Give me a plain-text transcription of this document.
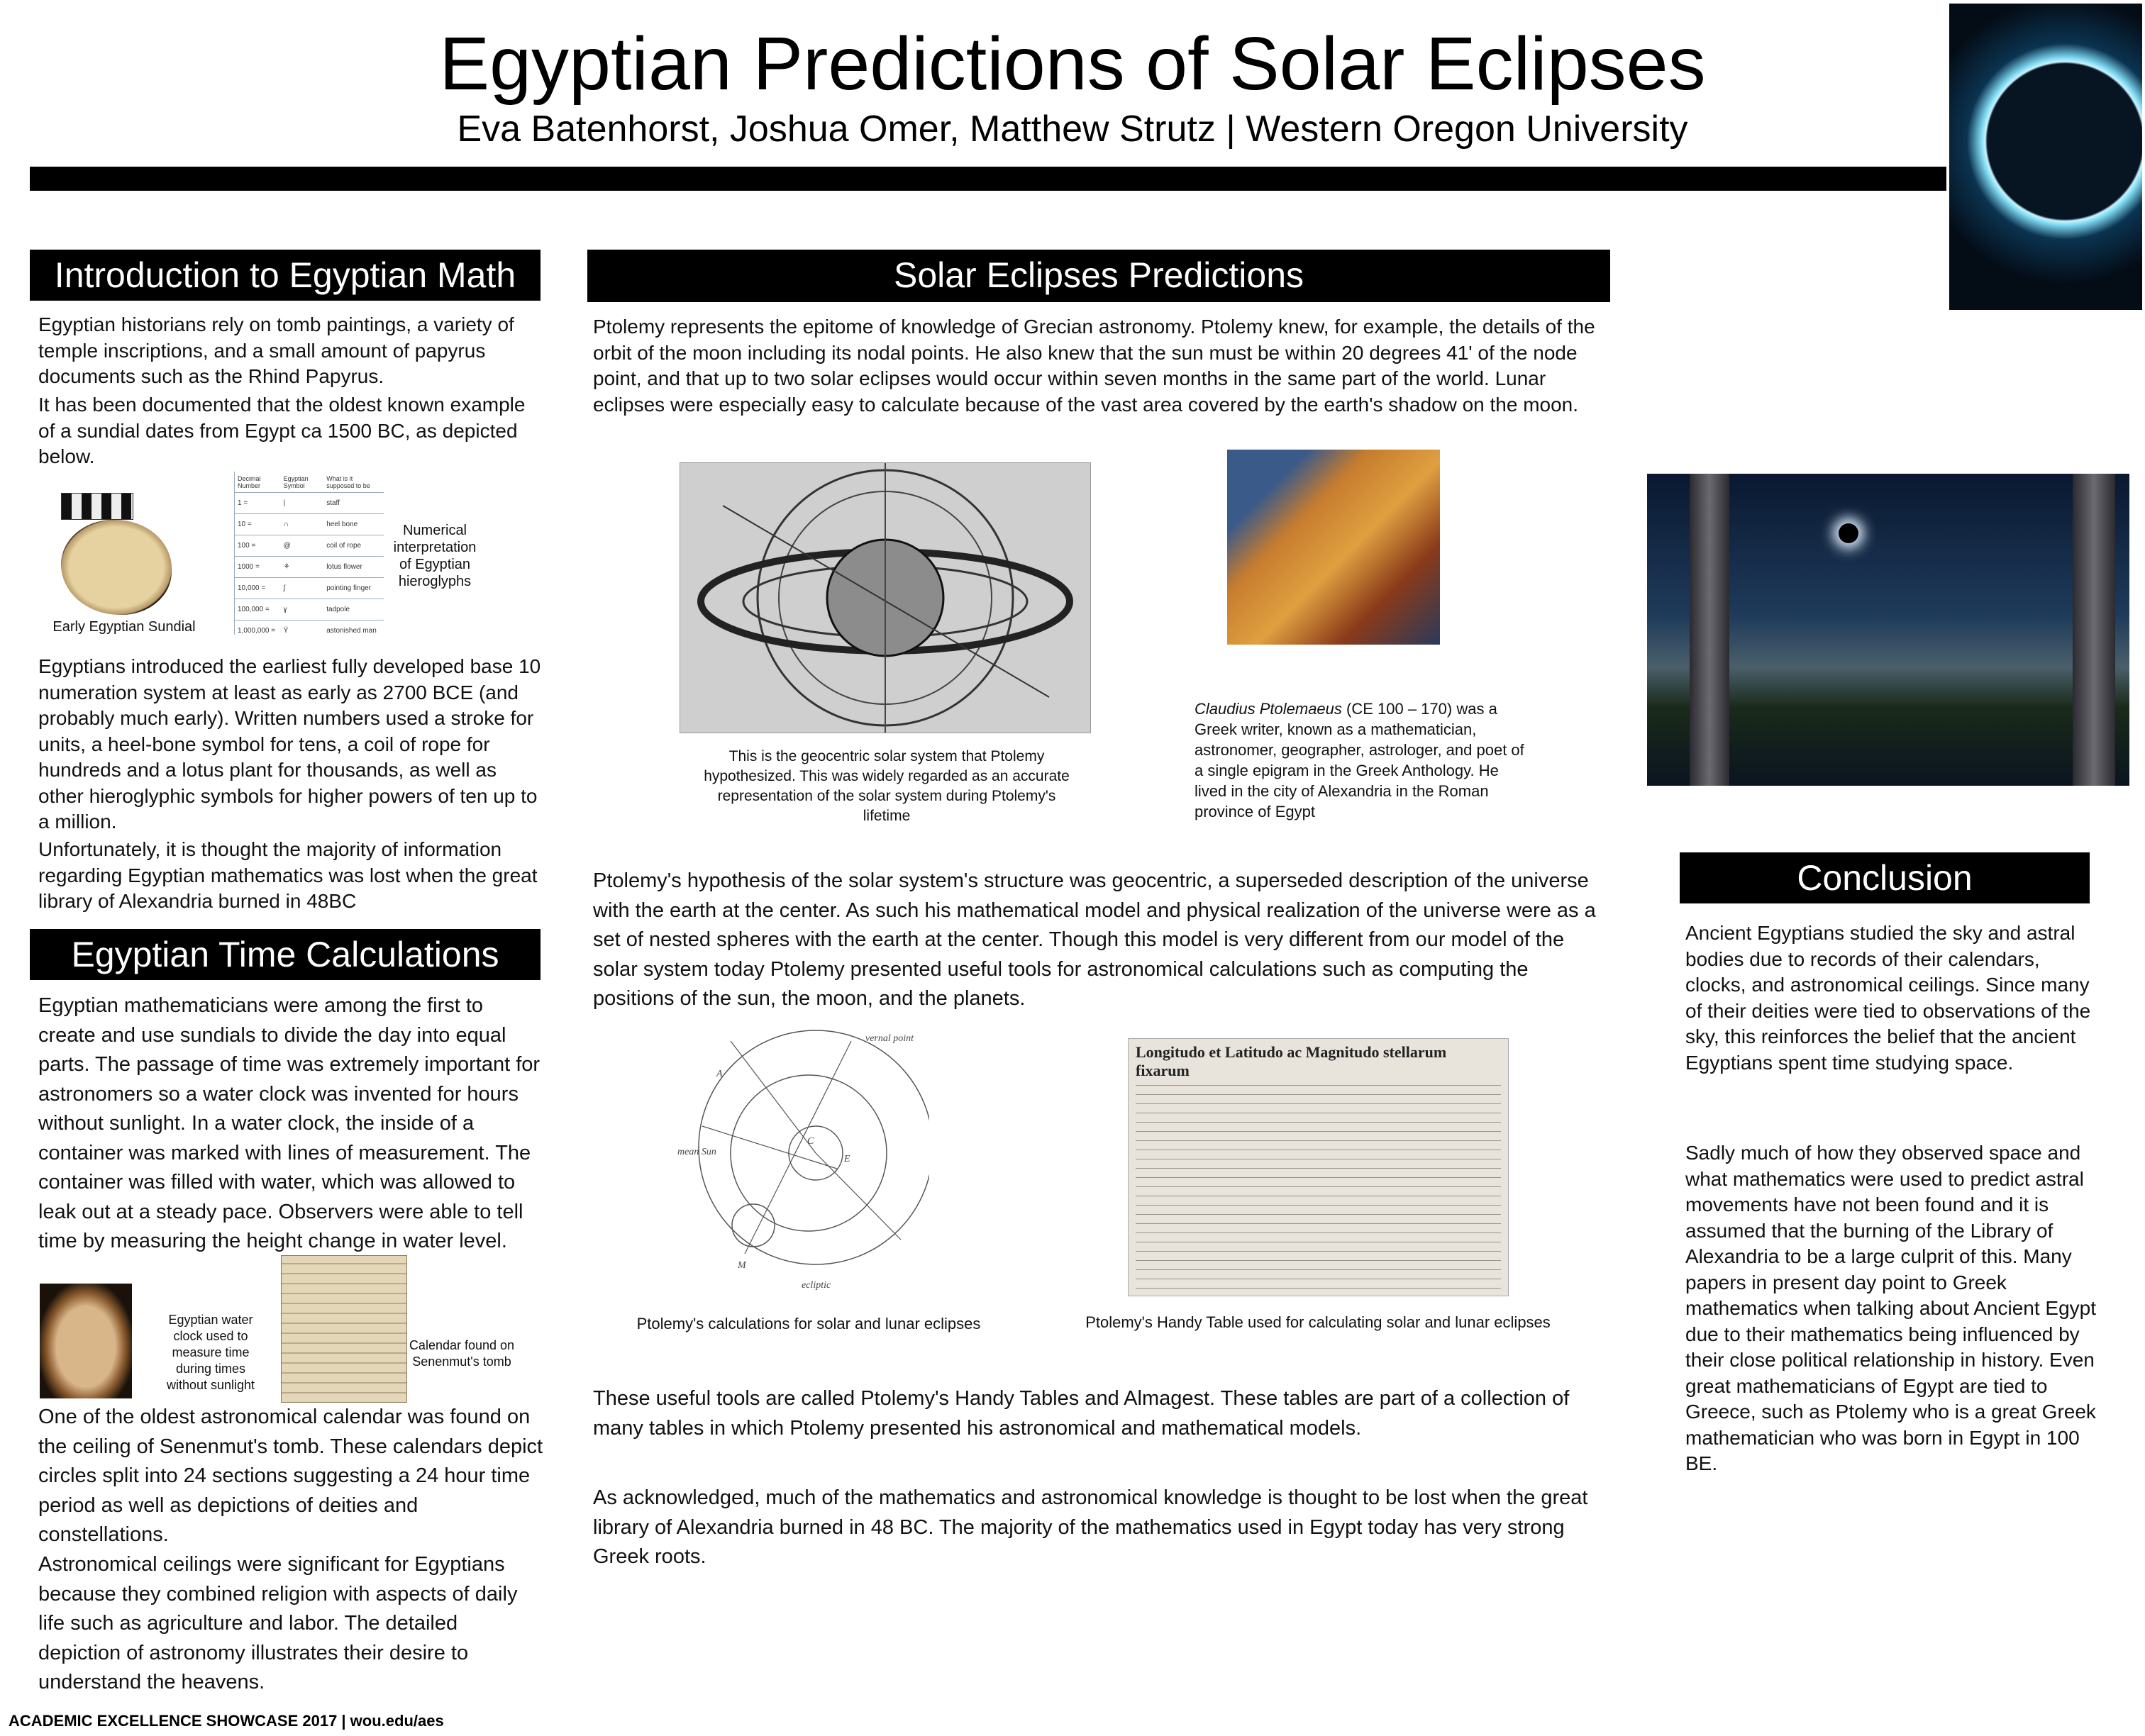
Egyptian Predictions of Solar Eclipses
Eva Batenhorst, Joshua Omer, Matthew Strutz | Western Oregon University
Introduction to Egyptian Math
Egyptian historians rely on tomb paintings, a variety of temple inscriptions, and a small amount of papyrus documents such as the Rhind Papyrus.
It has been documented that the oldest known example of a sundial dates from Egypt ca 1500 BC, as depicted below.
Early Egyptian Sundial
Decimal Number	Egyptian Symbol	What is it supposed to be
1 =	|	staff
10 =	∩	heel bone
100 =	@	coil of rope
1000 =	⚘	lotus flower
10,000 =	ʃ	pointing finger
100,000 =	ɣ	tadpole
1,000,000 =	Ÿ	astonished man
Numerical interpretation of Egyptian hieroglyphs
Egyptians introduced the earliest fully developed base 10 numeration system at least as early as 2700 BCE (and probably much early). Written numbers used a stroke for units, a heel-bone symbol for tens, a coil of rope for hundreds and a lotus plant for thousands, as well as other hieroglyphic symbols for higher powers of ten up to a million.
Unfortunately, it is thought the majority of information regarding Egyptian mathematics was lost when the great library of Alexandria burned in 48BC
Egyptian Time Calculations
Egyptian mathematicians were among the first to create and use sundials to divide the day into equal parts. The passage of time was extremely important for astronomers so a water clock was invented for hours without sunlight. In a water clock, the inside of a container was marked with lines of measurement. The container was filled with water, which was allowed to leak out at a steady pace. Observers were able to tell time by measuring the height change in water level.
Egyptian water clock used to measure time during times without sunlight
Calendar found on Senenmut's tomb
One of the oldest astronomical calendar was found on the ceiling of Senenmut's tomb. These calendars depict circles split into 24 sections suggesting a 24 hour time period as well as depictions of deities and constellations.
Astronomical ceilings were significant for Egyptians because they combined religion with aspects of daily life such as agriculture and labor. The detailed depiction of astronomy illustrates their desire to understand the heavens.
Solar Eclipses Predictions
Ptolemy represents the epitome of knowledge of Grecian astronomy. Ptolemy knew, for example, the details of the orbit of the moon including its nodal points. He also knew that the sun must be within 20 degrees 41' of the node point, and that up to two solar eclipses would occur within seven months in the same part of the world. Lunar eclipses were especially easy to calculate because of the vast area covered by the earth's shadow on the moon.
This is the geocentric solar system that Ptolemy hypothesized. This was widely regarded as an accurate representation of the solar system during Ptolemy's lifetime
Claudius Ptolemaeus (CE 100 – 170) was a Greek writer, known as a mathematician, astronomer, geographer, astrologer, and poet of a single epigram in the Greek Anthology. He lived in the city of Alexandria in the Roman province of Egypt
Ptolemy's hypothesis of the solar system's structure was geocentric, a superseded description of the universe with the earth at the center. As such his mathematical model and physical realization of the universe were as a set of nested spheres with the earth at the center. Though this model is very different from our model of the solar system today Ptolemy presented useful tools for astronomical calculations such as computing the positions of the sun, the moon, and the planets.
vernal point
mean Sun
ecliptic
A
M
E
C
Ptolemy's calculations for solar and lunar eclipses
Longitudo et Latitudo ac Magnitudo stellarum fixarum
Ptolemy's Handy Table used for calculating solar and lunar eclipses
These useful tools are called Ptolemy's Handy Tables and Almagest. These tables are part of a collection of many tables in which Ptolemy presented his astronomical and mathematical models.
As acknowledged, much of the mathematics and astronomical knowledge is thought to be lost when the great library of Alexandria burned in 48 BC. The majority of the mathematics used in Egypt today has very strong Greek roots.
Conclusion
Ancient Egyptians studied the sky and astral bodies due to records of their calendars, clocks, and astronomical ceilings. Since many of their deities were tied to observations of the sky, this reinforces the belief that the ancient Egyptians spent time studying space.
Sadly much of how they observed space and what mathematics were used to predict astral movements have not been found and it is assumed that the burning of the Library of Alexandria to be a large culprit of this. Many papers in present day point to Greek mathematics when talking about Ancient Egypt due to their mathematics being influenced by their close political relationship in history. Even great mathematicians of Egypt are tied to Greece, such as Ptolemy who is a great Greek mathematician who was born in Egypt in 100 BE.
ACADEMIC EXCELLENCE SHOWCASE 2017 | wou.edu/aes
